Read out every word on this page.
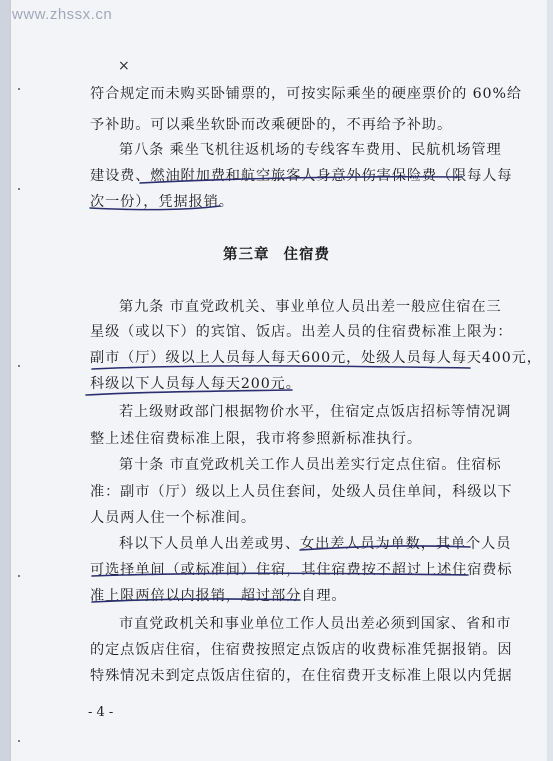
www.zhssx.cn
×
符合规定而未购买卧铺票的，可按实际乘坐的硬座票价的 60%给
予补助。可以乘坐软卧而改乘硬卧的，不再给予补助。
第八条 乘坐飞机往返机场的专线客车费用、民航机场管理
建设费、燃油附加费和航空旅客人身意外伤害保险费（限每人每
次一份），凭据报销。
第三章 住宿费
第九条 市直党政机关、事业单位人员出差一般应住宿在三
星级（或以下）的宾馆、饭店。出差人员的住宿费标准上限为：
副市（厅）级以上人员每人每天600元，处级人员每人每天400元，
科级以下人员每人每天200元。
若上级财政部门根据物价水平，住宿定点饭店招标等情况调
整上述住宿费标准上限，我市将参照新标准执行。
第十条 市直党政机关工作人员出差实行定点住宿。住宿标
准：副市（厅）级以上人员住套间，处级人员住单间，科级以下
人员两人住一个标准间。
科以下人员单人出差或男、女出差人员为单数，其单个人员
可选择单间（或标准间）住宿，其住宿费按不超过上述住宿费标
准上限两倍以内报销，超过部分自理。
市直党政机关和事业单位工作人员出差必须到国家、省和市
的定点饭店住宿，住宿费按照定点饭店的收费标准凭据报销。因
特殊情况未到定点饭店住宿的，在住宿费开支标准上限以内凭据
- 4 -
